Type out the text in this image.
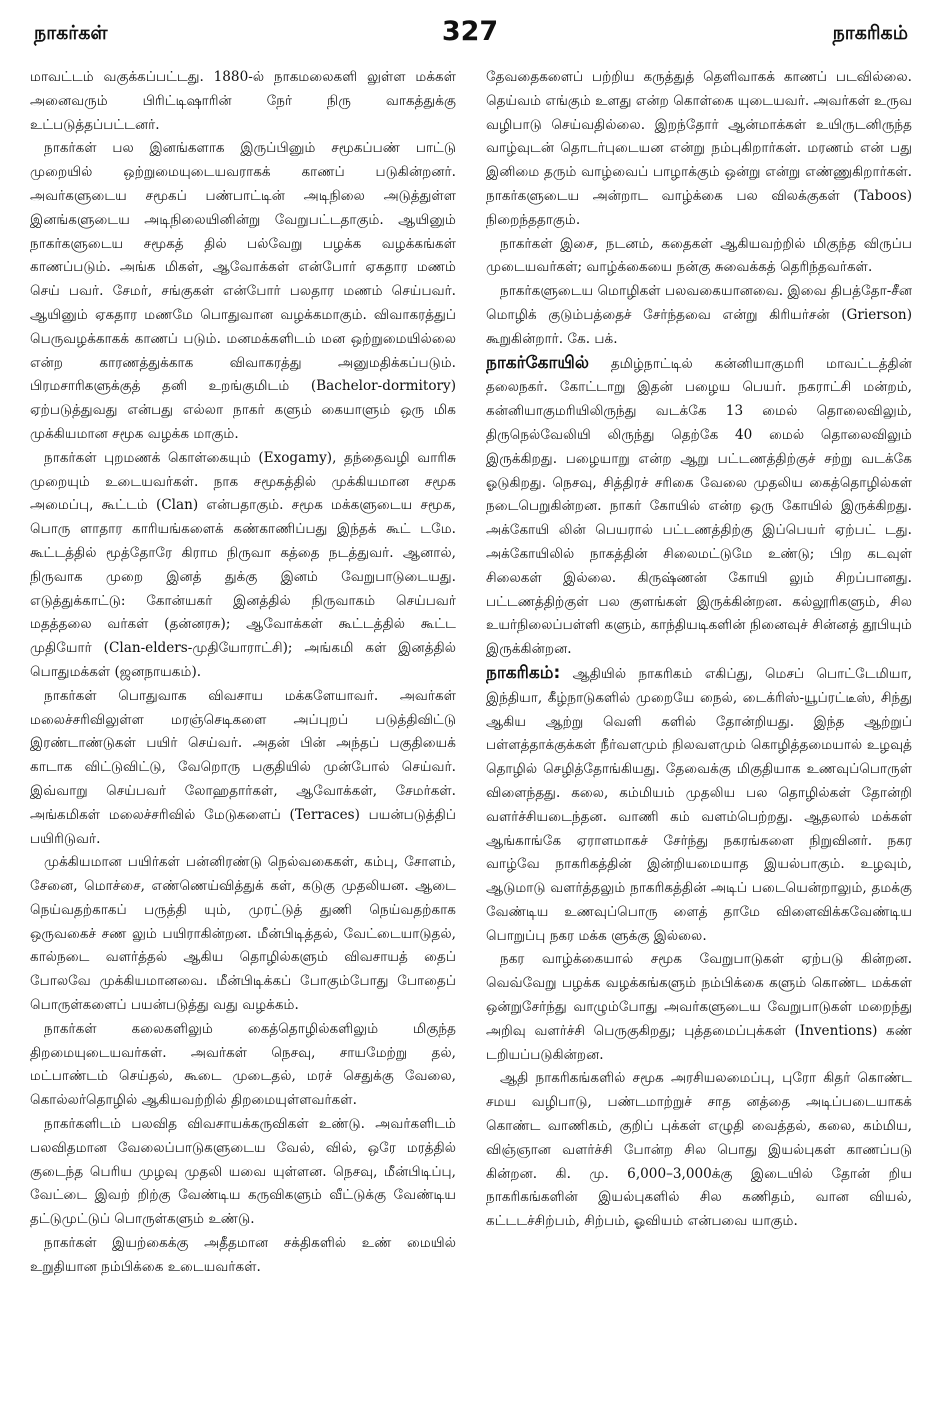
நாகர்கள்	327	நாகரிகம்

மாவட்டம் வகுக்கப்பட்டது. 1880-ல் நாகமலைகளி லுள்ள மக்கள் அனைவரும் பிரிட்டிஷாரின் நேர் நிரு வாகத்துக்கு உட்படுத்தப்பட்டனர்.

நாகர்கள் பல இனங்களாக இருப்பினும் சமூகப்பண் பாட்டு முறையில் ஒற்றுமையுடையவராகக் காணப் படுகின்றனர். அவர்களுடைய சமூகப் பண்பாட்டின் அடிநிலை அடுத்துள்ள இனங்களுடைய அடிநிலையினின்று வேறுபட்டதாகும். ஆயினும் நாகர்களுடைய சமூகத் தில் பல்வேறு பழக்க வழக்கங்கள் காணப்படும். அங்க மிகள், ஆவோக்கள் என்போர் ஏகதார மணம் செய் பவர். சேமர், சங்குகள் என்போர் பலதார மணம் செய்பவர். ஆயினும் ஏகதார மணமே பொதுவான வழக்கமாகும். விவாகரத்துப் பெருவழக்காகக் காணப் படும். மனமக்களிடம் மன ஒற்றுமையில்லை என்ற காரணத்துக்காக விவாகரத்து அனுமதிக்கப்படும். பிரமசாரிகளுக்குத் தனி உறங்குமிடம் (Bachelor-dormitory) ஏற்படுத்துவது என்பது எல்லா நாகர் களும் கையாளும் ஒரு மிக முக்கியமான சமூக வழக்க மாகும்.

நாகர்கள் புறமணக் கொள்கையும் (Exogamy), தந்தைவழி வாரிசு முறையும் உடையவர்கள். நாக சமூகத்தில் முக்கியமான சமூக அமைப்பு, கூட்டம் (Clan) என்பதாகும். சமூக மக்களுடைய சமூக, பொரு ளாதார காரியங்களைக் கண்காணிப்பது இந்தக் கூட் டமே. கூட்டத்தில் மூத்தோரே கிராம நிருவா கத்தை நடத்துவர். ஆனால், நிருவாக முறை இனத் துக்கு இனம் வேறுபாடுடையது. எடுத்துக்காட்டு: கோன்யகர் இனத்தில் நிருவாகம் செய்பவர் மதத்தலை வர்கள் (தன்னரசு); ஆவோக்கள் கூட்டத்தில் கூட்ட முதியோர் (Clan-elders-முதியோராட்சி); அங்கமி கள் இனத்தில் பொதுமக்கள் (ஜனநாயகம்).

நாகர்கள் பொதுவாக விவசாய மக்களேயாவர். அவர்கள் மலைச்சரிவிலுள்ள மரஞ்செடிகளை அப்புறப் படுத்திவிட்டு இரண்டாண்டுகள் பயிர் செய்வர். அதன் பின் அந்தப் பகுதியைக் காடாக விட்டுவிட்டு, வேறொரு பகுதியில் முன்போல் செய்வர். இவ்வாறு செய்பவர் லோஹதார்கள், ஆவோக்கள், சேமர்கள். அங்கமிகள் மலைச்சரிவில் மேடுகளைப் (Terraces) பயன்படுத்திப் பயிரிடுவர்.

முக்கியமான பயிர்கள் பன்னிரண்டு நெல்வகைகள், கம்பு, சோளம், சேனை, மொச்சை, எண்ணெய்வித்துக் கள், கடுகு முதலியன. ஆடை நெய்வதற்காகப் பருத்தி யும், முரட்டுத் துணி நெய்வதற்காக ஒருவகைச் சண லும் பயிராகின்றன. மீன்பிடித்தல், வேட்டையாடுதல், கால்நடை வளர்த்தல் ஆகிய தொழில்களும் விவசாயத் தைப் போலவே முக்கியமானவை. மீன்பிடிக்கப் போகும்போது போதைப் பொருள்களைப் பயன்படுத்து வது வழக்கம்.

நாகர்கள் கலைகளிலும் கைத்தொழில்களிலும் மிகுந்த திறமையுடையவர்கள். அவர்கள் நெசவு, சாயமேற்று தல், மட்பாண்டம் செய்தல், கூடை முடைதல், மரச் செதுக்கு வேலை, கொல்லர்தொழில் ஆகியவற்றில் திறமையுள்ளவர்கள்.

நாகர்களிடம் பலவித விவசாயக்கருவிகள் உண்டு. அவர்களிடம் பலவிதமான வேலைப்பாடுகளுடைய வேல், வில், ஒரே மரத்தில் குடைந்த பெரிய முழவு முதலி யவை யுள்ளன. நெசவு, மீன்பிடிப்பு, வேட்டை இவற் றிற்கு வேண்டிய கருவிகளும் வீட்டுக்கு வேண்டிய தட்டுமுட்டுப் பொருள்களும் உண்டு.

நாகர்கள் இயற்கைக்கு அதீதமான சக்திகளில் உண் மையில் உறுதியான நம்பிக்கை உடையவர்கள்.

தேவதைகளைப் பற்றிய கருத்துத் தெளிவாகக் காணப் படவில்லை. தெய்வம் எங்கும் உளது என்ற கொள்கை யுடையவர். அவர்கள் உருவ வழிபாடு செய்வதில்லை. இறந்தோர் ஆன்மாக்கள் உயிருடனிருந்த வாழ்வுடன் தொடர்புடையன என்று நம்புகிறார்கள். மரணம் என் பது இனிமை தரும் வாழ்வைப் பாழாக்கும் ஒன்று என்று எண்ணுகிறார்கள். நாகர்களுடைய அன்றாட வாழ்க்கை பல விலக்குகள் (Taboos) நிறைந்ததாகும்.

நாகர்கள் இசை, நடனம், கதைகள் ஆகியவற்றில் மிகுந்த விருப்ப முடையவர்கள்; வாழ்க்கையை நன்கு சுவைக்கத் தெரிந்தவர்கள்.

நாகர்களுடைய மொழிகள் பலவகையானவை. இவை திபத்தோ-சீன மொழிக் குடும்பத்தைச் சேர்ந்தவை என்று கிரியர்சன் (Grierson) கூறுகின்றார். கே. பக்.

நாகர்கோயில் தமிழ்நாட்டில் கன்னியாகுமரி மாவட்டத்தின் தலைநகர். கோட்டாறு இதன் பழைய பெயர். நகராட்சி மன்றம், கன்னியாகுமரியிலிருந்து வடக்கே 13 மைல் தொலைவிலும், திருநெல்வேலியி லிருந்து தெற்கே 40 மைல் தொலைவிலும் இருக்கிறது. பழையாறு என்ற ஆறு பட்டணத்திற்குச் சற்று வடக்கே ஓடுகிறது. நெசவு, சித்திரச் சரிகை வேலை முதலிய கைத்தொழில்கள் நடைபெறுகின்றன. நாகர் கோயில் என்ற ஒரு கோயில் இருக்கிறது. அக்கோயி லின் பெயரால் பட்டணத்திற்கு இப்பெயர் ஏற்பட் டது. அக்கோயிலில் நாகத்தின் சிலைமட்டுமே உண்டு; பிற கடவுள் சிலைகள் இல்லை. கிருஷ்ணன் கோயி லும் சிறப்பானது. பட்டணத்திற்குள் பல குளங்கள் இருக்கின்றன. கல்லூரிகளும், சில உயர்நிலைப்பள்ளி களும், காந்தியடிகளின் நினைவுச் சின்னத் தூபியும் இருக்கின்றன.

நாகரிகம்: ஆதியில் நாகரிகம் எகிப்து, மெசப் பொட்டேமியா, இந்தியா, கீழ்நாடுகளில் முறையே நைல், டைக்ரிஸ்-யூப்ரட்டீஸ், சிந்து ஆகிய ஆற்று வெளி களில் தோன்றியது. இந்த ஆற்றுப் பள்ளத்தாக்குக்கள் நீர்வளமும் நிலவளமும் கொழித்தமையால் உழவுத் தொழில் செழித்தோங்கியது. தேவைக்கு மிகுதியாக உணவுப்பொருள் விளைந்தது. கலை, கம்மியம் முதலிய பல தொழில்கள் தோன்றி வளர்ச்சியடைந்தன. வாணி கம் வளம்பெற்றது. ஆதலால் மக்கள் ஆங்காங்கே ஏராளமாகச் சேர்ந்து நகரங்களை நிறுவினர். நகர வாழ்வே நாகரிகத்தின் இன்றியமையாத இயல்பாகும். உழவும், ஆடுமாடு வளர்த்தலும் நாகரிகத்தின் அடிப் படையென்றாலும், தமக்கு வேண்டிய உணவுப்பொரு ளைத் தாமே விளைவிக்கவேண்டிய பொறுப்பு நகர மக்க ளுக்கு இல்லை.

நகர வாழ்க்கையால் சமூக வேறுபாடுகள் ஏற்படு கின்றன. வெவ்வேறு பழக்க வழக்கங்களும் நம்பிக்கை களும் கொண்ட மக்கள் ஒன்றுசேர்ந்து வாழும்போது அவர்களுடைய வேறுபாடுகள் மறைந்து அறிவு வளர்ச்சி பெருகுகிறது; புத்தமைப்புக்கள் (Inventions) கண் டறியப்படுகின்றன.

ஆதி நாகரிகங்களில் சமூக அரசியலமைப்பு, புரோ கிதர் கொண்ட சமய வழிபாடு, பண்டமாற்றுச் சாத னத்தை அடிப்படையாகக் கொண்ட வாணிகம், குறிப் புக்கள் எழுதி வைத்தல், கலை, கம்மிய, விஞ்ஞான வளர்ச்சி போன்ற சில பொது இயல்புகள் காணப்படு கின்றன. கி. மு. 6,000–3,000க்கு இடையில் தோன் றிய நாகரிகங்களின் இயல்புகளில் சில கணிதம், வான வியல், கட்டடச்சிற்பம், சிற்பம், ஓவியம் என்பவை யாகும்.
